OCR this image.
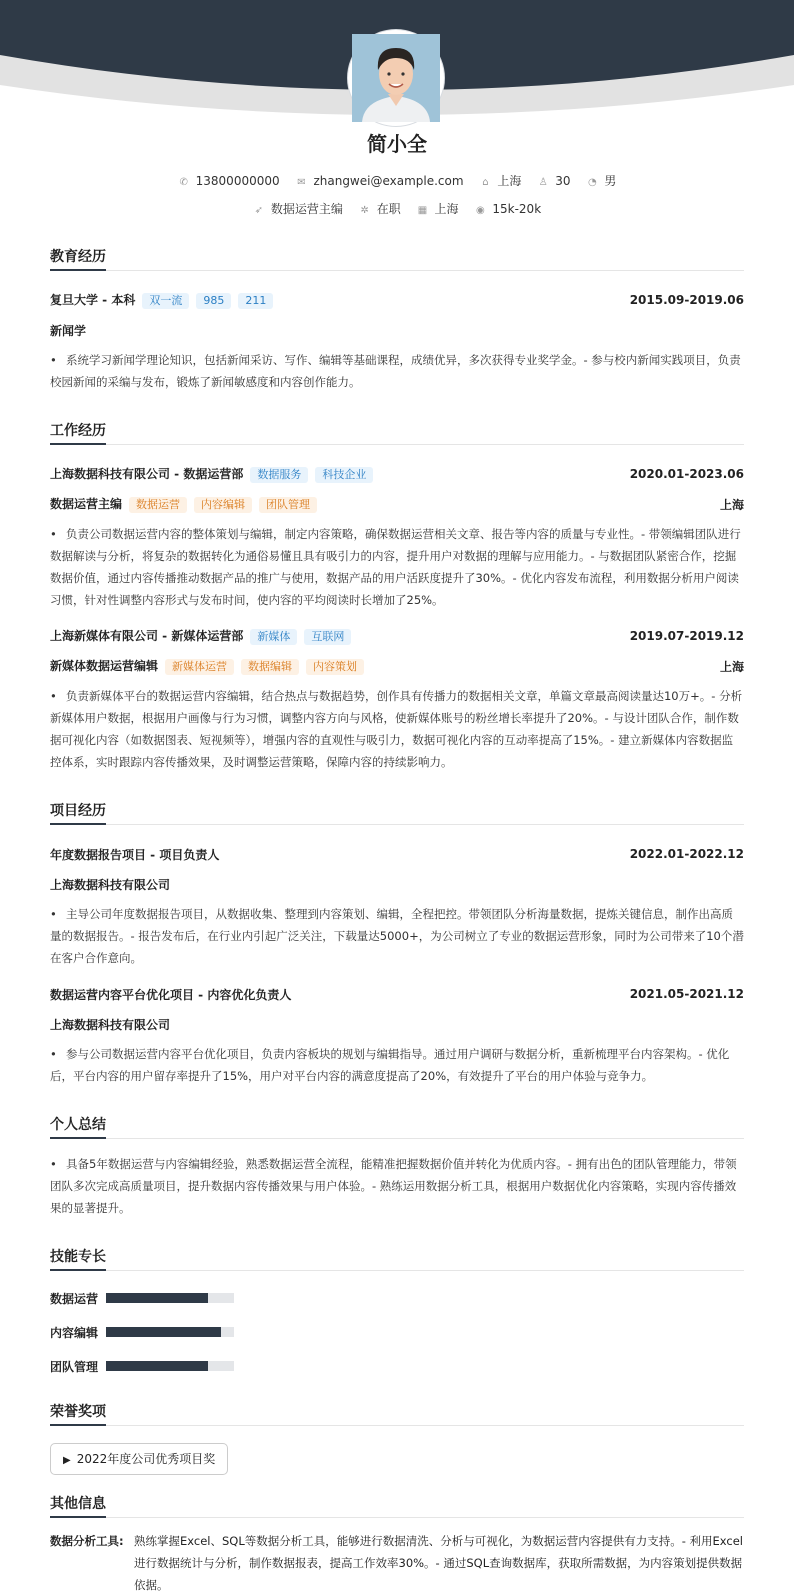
简小全
✆ 13800000000 ✉ zhangwei@example.com ⌂ 上海 ♙ 30 ◔ 男
➶ 数据运营主编 ✲ 在职 ▦ 上海 ◉ 15k-20k
教育经历
复旦大学 - 本科 双一流 985 211	2015.09-2019.06
新闻学
• 系统学习新闻学理论知识，包括新闻采访、写作、编辑等基础课程，成绩优异，多次获得专业奖学金。- 参与校内新闻实践项目，负责校园新闻的采编与发布，锻炼了新闻敏感度和内容创作能力。
工作经历
上海数据科技有限公司 - 数据运营部 数据服务 科技企业	2020.01-2023.06
数据运营主编 数据运营 内容编辑 团队管理	上海
• 负责公司数据运营内容的整体策划与编辑，制定内容策略，确保数据运营相关文章、报告等内容的质量与专业性。- 带领编辑团队进行数据解读与分析，将复杂的数据转化为通俗易懂且具有吸引力的内容，提升用户对数据的理解与应用能力。- 与数据团队紧密合作，挖掘数据价值，通过内容传播推动数据产品的推广与使用，数据产品的用户活跃度提升了30%。- 优化内容发布流程，利用数据分析用户阅读习惯，针对性调整内容形式与发布时间，使内容的平均阅读时长增加了25%。
上海新媒体有限公司 - 新媒体运营部 新媒体 互联网	2019.07-2019.12
新媒体数据运营编辑 新媒体运营 数据编辑 内容策划	上海
• 负责新媒体平台的数据运营内容编辑，结合热点与数据趋势，创作具有传播力的数据相关文章，单篇文章最高阅读量达10万+。- 分析新媒体用户数据，根据用户画像与行为习惯，调整内容方向与风格，使新媒体账号的粉丝增长率提升了20%。- 与设计团队合作，制作数据可视化内容（如数据图表、短视频等），增强内容的直观性与吸引力，数据可视化内容的互动率提高了15%。- 建立新媒体内容数据监控体系，实时跟踪内容传播效果，及时调整运营策略，保障内容的持续影响力。
项目经历
年度数据报告项目 - 项目负责人	2022.01-2022.12
上海数据科技有限公司
• 主导公司年度数据报告项目，从数据收集、整理到内容策划、编辑，全程把控。带领团队分析海量数据，提炼关键信息，制作出高质量的数据报告。- 报告发布后，在行业内引起广泛关注，下载量达5000+，为公司树立了专业的数据运营形象，同时为公司带来了10个潜在客户合作意向。
数据运营内容平台优化项目 - 内容优化负责人	2021.05-2021.12
上海数据科技有限公司
• 参与公司数据运营内容平台优化项目，负责内容板块的规划与编辑指导。通过用户调研与数据分析，重新梳理平台内容架构。- 优化后，平台内容的用户留存率提升了15%，用户对平台内容的满意度提高了20%，有效提升了平台的用户体验与竞争力。
个人总结
• 具备5年数据运营与内容编辑经验，熟悉数据运营全流程，能精准把握数据价值并转化为优质内容。- 拥有出色的团队管理能力，带领团队多次完成高质量项目，提升数据内容传播效果与用户体验。- 熟练运用数据分析工具，根据用户数据优化内容策略，实现内容传播效果的显著提升。
技能专长
数据运营
内容编辑
团队管理
荣誉奖项
▶ 2022年度公司优秀项目奖
其他信息
数据分析工具: 熟练掌握Excel、SQL等数据分析工具，能够进行数据清洗、分析与可视化，为数据运营内容提供有力支持。- 利用Excel进行数据统计与分析，制作数据报表，提高工作效率30%。- 通过SQL查询数据库，获取所需数据，为内容策划提供数据依据。
